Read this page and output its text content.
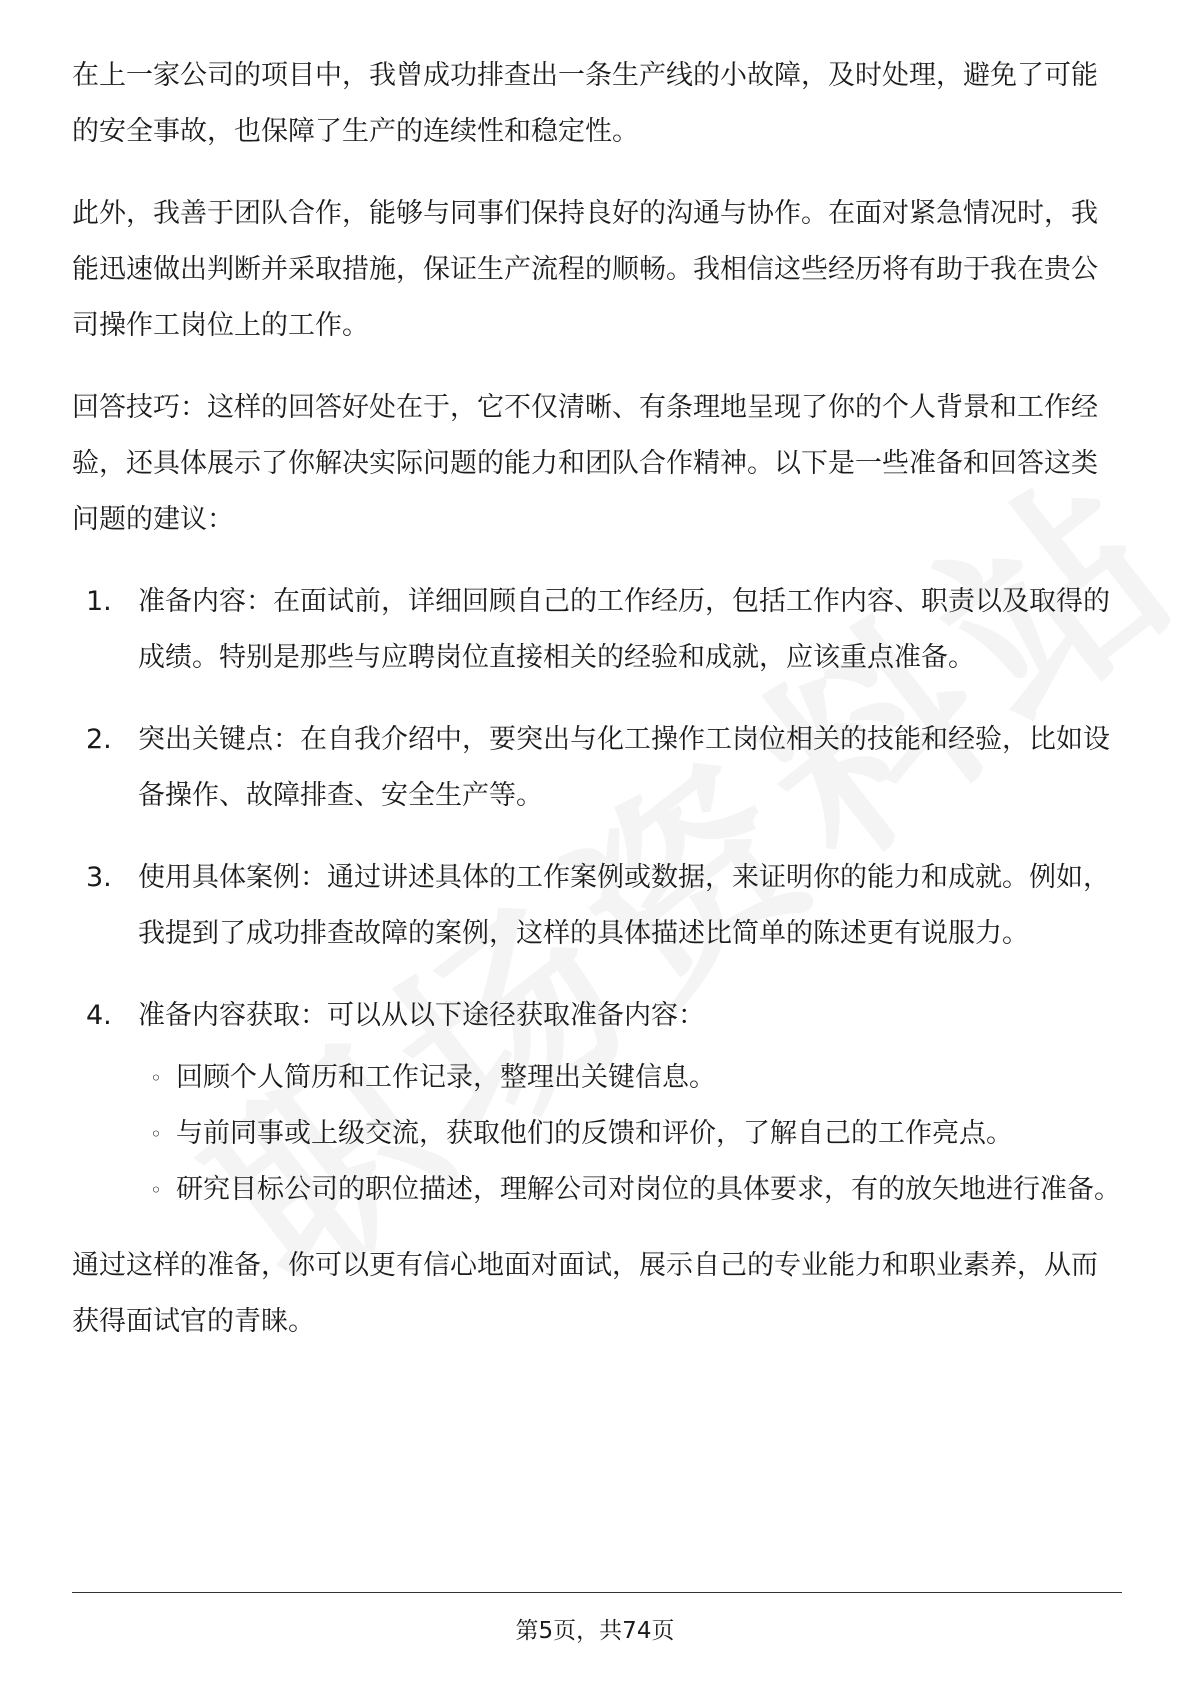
在上一家公司的项目中，我曾成功排查出一条生产线的小故障，及时处理，避免了可能的安全事故，也保障了生产的连续性和稳定性。

此外，我善于团队合作，能够与同事们保持良好的沟通与协作。在面对紧急情况时，我能迅速做出判断并采取措施，保证生产流程的顺畅。我相信这些经历将有助于我在贵公司操作工岗位上的工作。

回答技巧：这样的回答好处在于，它不仅清晰、有条理地呈现了你的个人背景和工作经验，还具体展示了你解决实际问题的能力和团队合作精神。以下是一些准备和回答这类问题的建议：

1. 准备内容：在面试前，详细回顾自己的工作经历，包括工作内容、职责以及取得的成绩。特别是那些与应聘岗位直接相关的经验和成就，应该重点准备。
2. 突出关键点：在自我介绍中，要突出与化工操作工岗位相关的技能和经验，比如设备操作、故障排查、安全生产等。
3. 使用具体案例：通过讲述具体的工作案例或数据，来证明你的能力和成就。例如，我提到了成功排查故障的案例，这样的具体描述比简单的陈述更有说服力。
4. 准备内容获取：可以从以下途径获取准备内容：
◦ 回顾个人简历和工作记录，整理出关键信息。
◦ 与前同事或上级交流，获取他们的反馈和评价，了解自己的工作亮点。
◦ 研究目标公司的职位描述，理解公司对岗位的具体要求，有的放矢地进行准备。

通过这样的准备，你可以更有信心地面对面试，展示自己的专业能力和职业素养，从而获得面试官的青睐。

第5页，共74页
